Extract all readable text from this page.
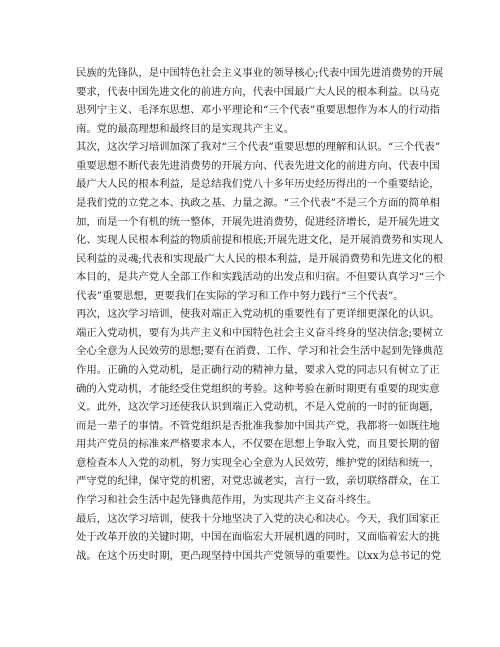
民族的先锋队，是中国特色社会主义事业的领导核心;代表中国先进消费势的开展
要求，代表中国先进文化的前进方向，代表中国最广大人民的根本利益。以马克
思列宁主义、毛泽东思想、邓小平理论和“三个代表”重要思想作为本人的行动指
南。党的最高理想和最终目的是实现共产主义。
其次，这次学习培训加深了我对“三个代表”重要思想的理解和认识。“三个代表”
重要思想不断代表先进消费势的开展方向、代表先进文化的前进方向、代表中国
最广大人民的根本利益，是总结我们党八十多年历史经历得出的一个重要结论，
是我们党的立党之本、执政之基、力量之源。“三个代表”不是三个方面的简单相
加，而是一个有机的统一整体，开展先进消费势，促进经济增长，是开展先进文
化、实现人民根本利益的物质前提和根底;开展先进文化，是开展消费势和实现人
民利益的灵魂;代表和实现最广大人民的根本利益，是开展消费势和先进文化的根
本目的，是共产党人全部工作和实践活动的出发点和归宿。不但要认真学习“三个
代表”重要思想，更要我们在实际的学习和工作中努力践行“三个代表”。
再次，这次学习培训，使我对端正入党动机的重要性有了更详细更深化的认识。
端正入党动机，要有为共产主义和中国特色社会主义奋斗终身的坚决信念;要树立
全心全意为人民效劳的思想;要有在消费、工作、学习和社会生活中起到先锋典范
作用。正确的入党动机，是正确行动的精神力量，要求入党的同志只有树立了正
确的入党动机，才能经受住党组织的考验。这种考验在新时期更有重要的现实意
义。此外，这次学习还使我认识到端正入党动机，不是入党前的一时的征询题，
而是一辈子的事情。不管党组织是否批准我参加中国共产党，我都将一如既往地
用共产党员的标准来严格要求本人，不仅要在思想上争取入党，而且要长期的留
意检查本人入党的动机，努力实现全心全意为人民效劳，维护党的团结和统一，
严守党的纪律，保守党的机密，对党忠诚老实，言行一致，亲切联络群众，在工
作学习和社会生活中起先锋典范作用，为实现共产主义奋斗终生。
最后，这次学习培训，使我十分地坚决了入党的决心和决心。今天，我们国家正
处于改革开放的关键时期，中国在面临宏大开展机遇的同时，又面临着宏大的挑
战。在这个历史时期，更凸现坚持中国共产党领导的重要性。以xx为总书记的党
